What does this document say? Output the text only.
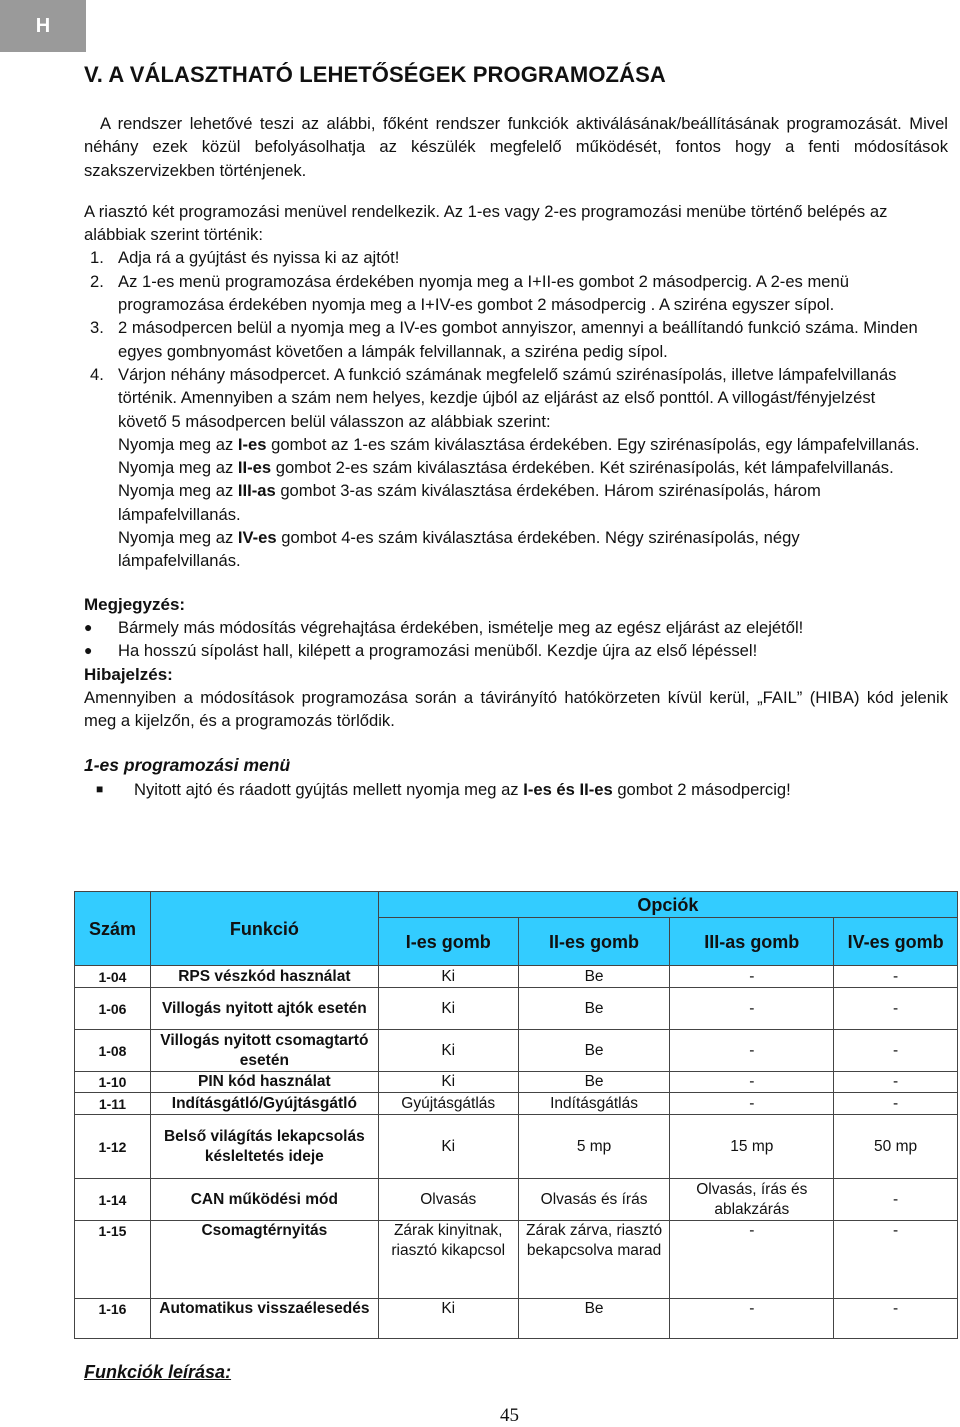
H
V. A VÁLASZTHATÓ LEHETŐSÉGEK PROGRAMOZÁSA

A rendszer lehetővé teszi az alábbi, főként rendszer funkciók aktiválásának/beállításának programozását. Mivel néhány ezek közül befolyásolhatja az készülék megfelelő működését, fontos hogy a fenti módosítások szakszervizekben történjenek.

A riasztó két programozási menüvel rendelkezik. Az 1-es vagy 2-es programozási menübe történő belépés az alábbiak szerint történik:

1. Adja rá a gyújtást és nyissa ki az ajtót!
2. Az 1-es menü programozása érdekében nyomja meg a I+II-es gombot 2 másodpercig. A 2-es menü programozása érdekében nyomja meg a I+IV-es gombot 2 másodpercig . A sziréna egyszer sípol.
3. 2 másodpercen belül a nyomja meg a IV-es gombot annyiszor, amennyi a beállítandó funkció száma. Minden egyes gombnyomást követően a lámpák felvillannak, a sziréna pedig sípol.
4. Várjon néhány másodpercet. A funkció számának megfelelő számú szirénasípolás, illetve lámpafelvillanás történik. Amennyiben a szám nem helyes, kezdje újból az eljárást az első ponttól. A villogást/fényjelzést követő 5 másodpercen belül válasszon az alábbiak szerint:
Nyomja meg az I-es gombot az 1-es szám kiválasztása érdekében. Egy szirénasípolás, egy lámpafelvillanás.
Nyomja meg az II-es gombot 2-es szám kiválasztása érdekében. Két szirénasípolás, két lámpafelvillanás.
Nyomja meg az III-as gombot 3-as szám kiválasztása érdekében. Három szirénasípolás, három lámpafelvillanás.
Nyomja meg az IV-es gombot 4-es szám kiválasztása érdekében. Négy szirénasípolás, négy lámpafelvillanás.

Megjegyzés:

●	Bármely más módosítás végrehajtása érdekében, ismételje meg az egész eljárást az elejétől!
●	Ha hosszú sípolást hall, kilépett a programozási menüből. Kezdje újra az első lépéssel!

Hibajelzés:

Amennyiben a módosítások programozása során a távirányító hatókörzeten kívül kerül, „FAIL” (HIBA) kód jelenik meg a kijelzőn, és a programozás törlődik.

1-es programozási menü

■	Nyitott ajtó és ráadott gyújtás mellett nyomja meg az I-es és II-es gombot 2 másodpercig!
Szám	Funkció	Opciók			
		I-es gomb	II-es gomb	III-as gomb	IV-es gomb
1-04	RPS vészkód használat	Ki	Be	-	-
1-06	Villogás nyitott ajtók esetén	Ki	Be	-	-
1-08	Villogás nyitott csomagtartó esetén	Ki	Be	-	-
1-10	PIN kód használat	Ki	Be	-	-
1-11	Indításgátló/Gyújtásgátló	Gyújtásgátlás	Indításgátlás	-	-
1-12	Belső világítás lekapcsolás késleltetés ideje	Ki	5 mp	15 mp	50 mp
1-14	CAN működési mód	Olvasás	Olvasás és írás	Olvasás, írás és ablakzárás	-
1-15	Csomagtérnyitás	Zárak kinyitnak, riasztó kikapcsol	Zárak zárva, riasztó bekapcsolva marad	-	-
1-16	Automatikus visszaélesedés	Ki	Be	-	-
Funkciók leírása:
45
